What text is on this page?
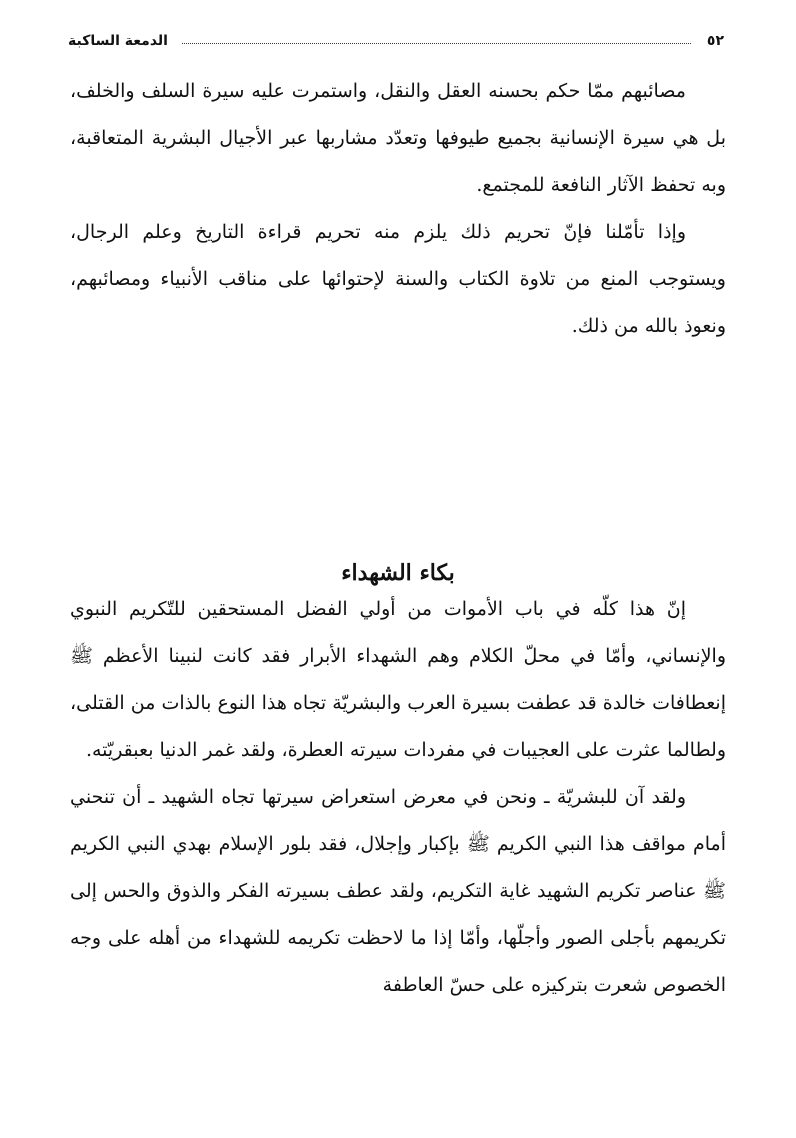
٥٢
الدمعة الساكبة

مصائبهم ممّا حكم بحسنه العقل والنقل، واستمرت عليه سيرة السلف والخلف، بل هي سيرة الإنسانية بجميع طيوفها وتعدّد مشاربها عبر الأجيال البشرية المتعاقبة، وبه تحفظ الآثار النافعة للمجتمع.

وإذا تأمّلنا فإنّ تحريم ذلك يلزم منه تحريم قراءة التاريخ وعلم الرجال، ويستوجب المنع من تلاوة الكتاب والسنة لإحتوائها على مناقب الأنبياء ومصائبهم، ونعوذ بالله من ذلك.

بكاء الشهداء

إنّ هذا كلّه في باب الأموات من أولي الفضل المستحقين للتّكريم النبوي والإنساني، وأمّا في محلّ الكلام وهم الشهداء الأبرار فقد كانت لنبينا الأعظم ﷺ إنعطافات خالدة قد عطفت بسيرة العرب والبشريّة تجاه هذا النوع بالذات من القتلى، ولطالما عثرت على العجيبات في مفردات سيرته العطرة، ولقد غمر الدنيا بعبقريّته.

ولقد آن للبشريّة ـ ونحن في معرض استعراض سيرتها تجاه الشهيد ـ أن تنحني أمام مواقف هذا النبي الكريم ﷺ بإكبار وإجلال، فقد بلور الإسلام بهدي النبي الكريم ﷺ عناصر تكريم الشهيد غاية التكريم، ولقد عطف بسيرته الفكر والذوق والحس إلى تكريمهم بأجلى الصور وأجلّها، وأمّا إذا ما لاحظت تكريمه للشهداء من أهله على وجه الخصوص شعرت بتركيزه على حسّ العاطفة
